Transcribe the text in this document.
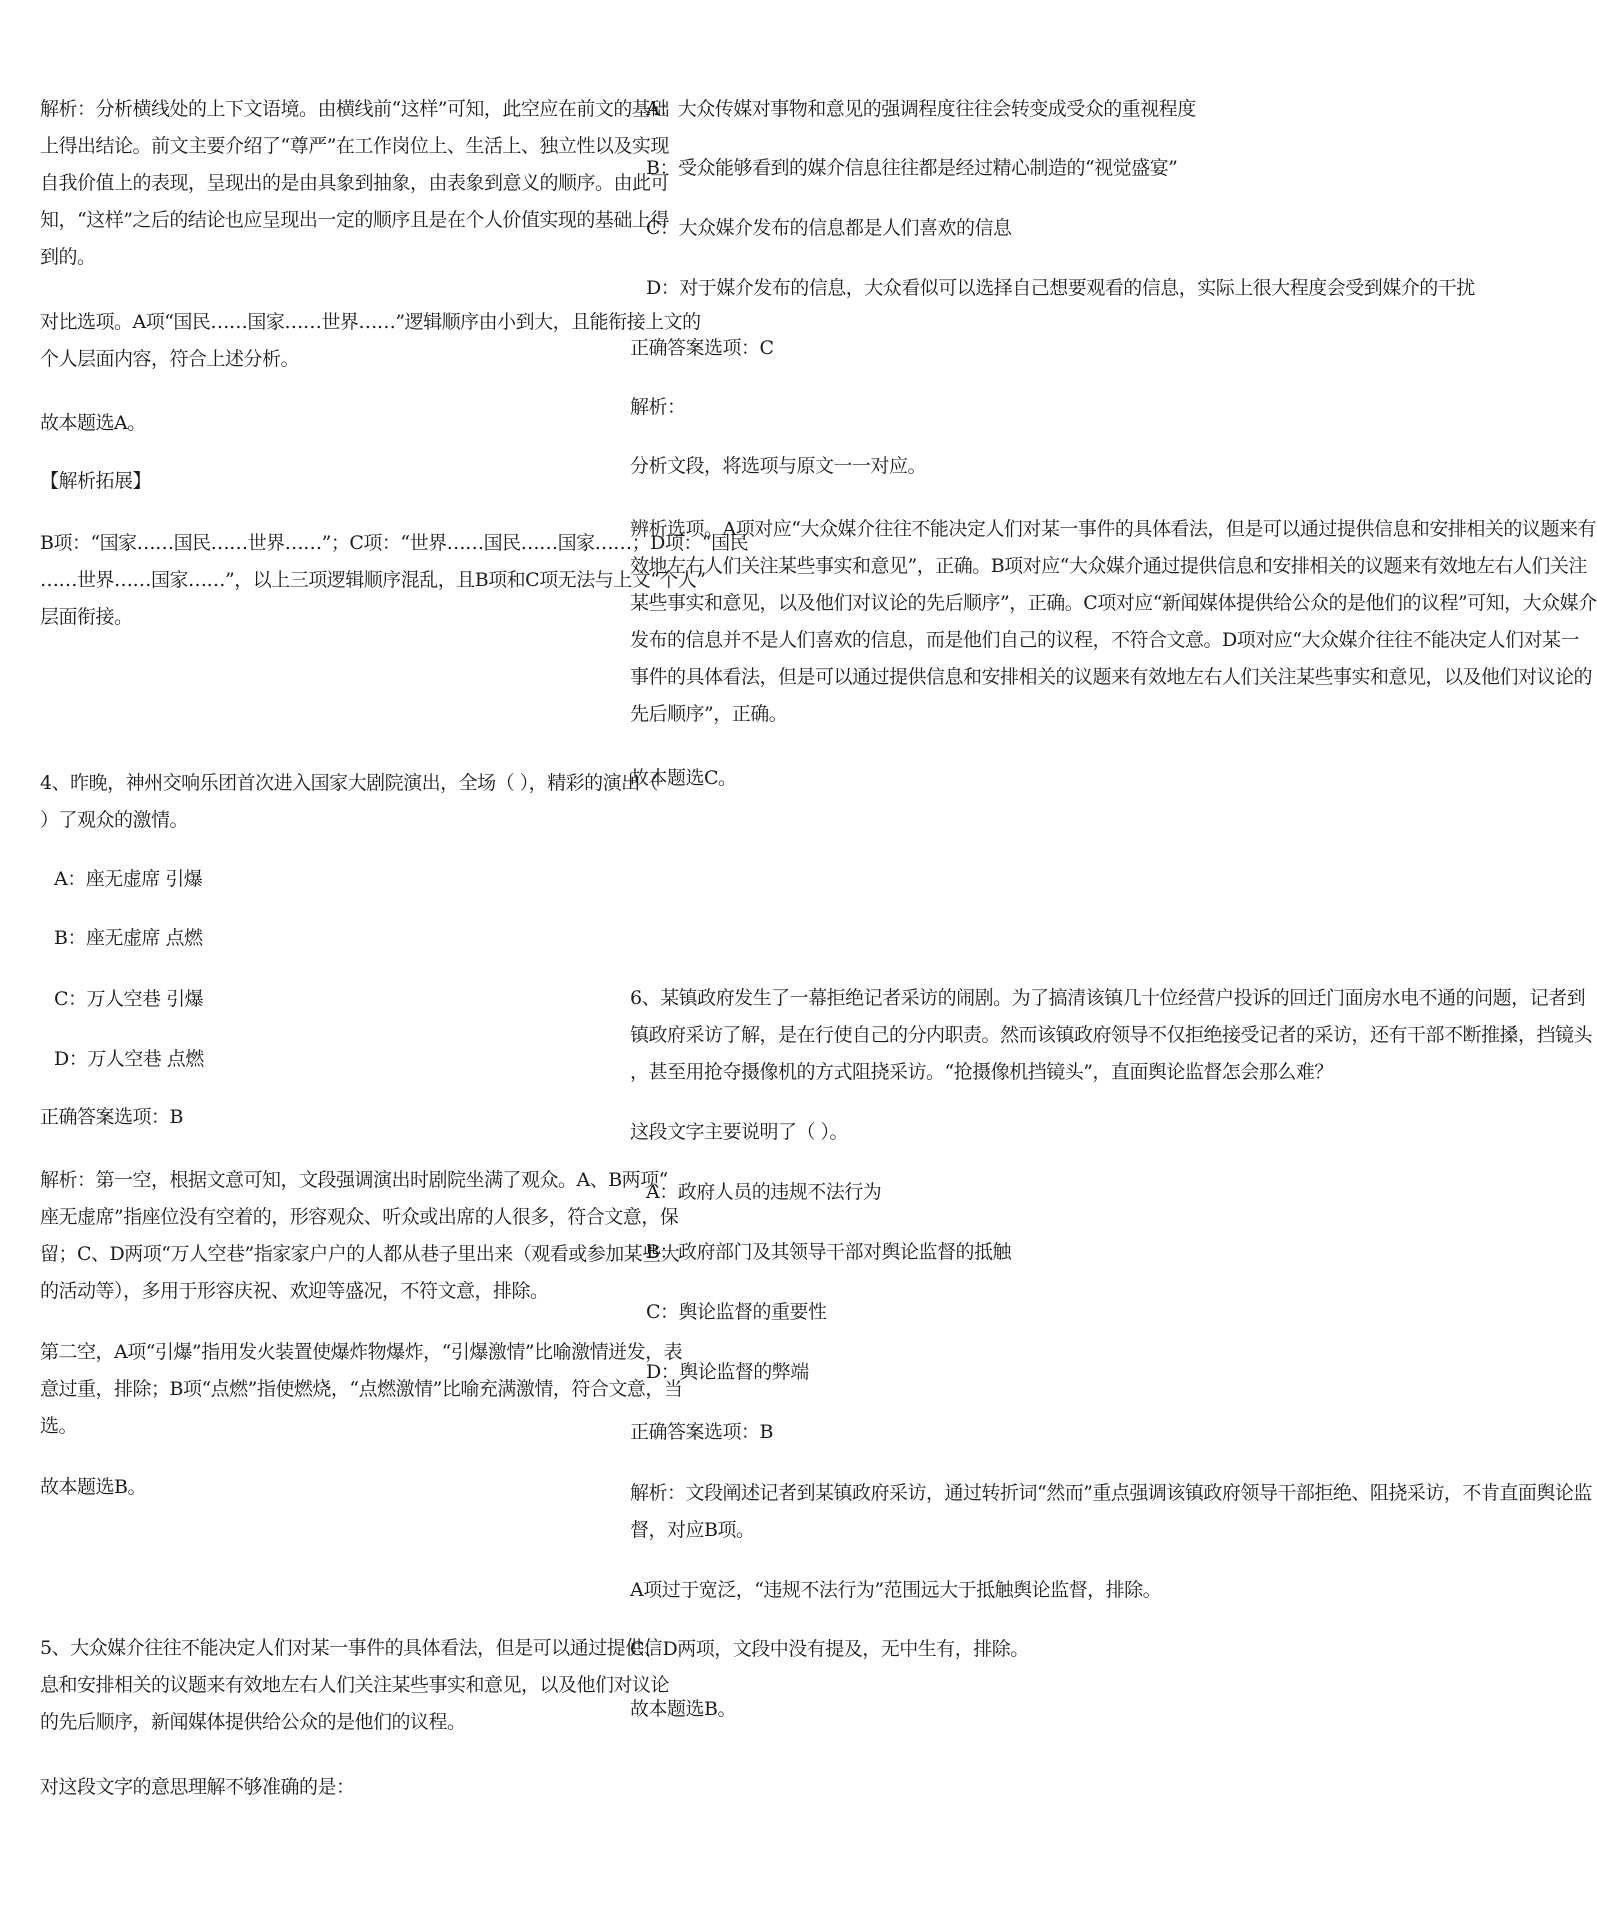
解析：分析横线处的上下文语境。由横线前“这样”可知，此空应在前文的基础
上得出结论。前文主要介绍了“尊严”在工作岗位上、生活上、独立性以及实现
自我价值上的表现，呈现出的是由具象到抽象，由表象到意义的顺序。由此可
知，“这样”之后的结论也应呈现出一定的顺序且是在个人价值实现的基础上得
到的。
对比选项。A项“国民……国家……世界……”逻辑顺序由小到大，且能衔接上文的
个人层面内容，符合上述分析。
故本题选A。
【解析拓展】
B项：“国家……国民……世界……”；C项：“世界……国民……国家……；D项：“国民
……世界……国家……”，以上三项逻辑顺序混乱，且B项和C项无法与上文“个人”
层面衔接。
4、昨晚，神州交响乐团首次进入国家大剧院演出，全场（ ），精彩的演出（
）了观众的激情。
A：座无虚席 引爆
B：座无虚席 点燃
C：万人空巷 引爆
D：万人空巷 点燃
正确答案选项：B
解析：第一空，根据文意可知，文段强调演出时剧院坐满了观众。A、B两项“
座无虚席”指座位没有空着的，形容观众、听众或出席的人很多，符合文意，保
留；C、D两项“万人空巷”指家家户户的人都从巷子里出来（观看或参加某些大
的活动等），多用于形容庆祝、欢迎等盛况，不符文意，排除。
第二空，A项“引爆”指用发火装置使爆炸物爆炸，“引爆激情”比喻激情迸发，表
意过重，排除；B项“点燃”指使燃烧，“点燃激情”比喻充满激情，符合文意，当
选。
故本题选B。
5、大众媒介往往不能决定人们对某一事件的具体看法，但是可以通过提供信
息和安排相关的议题来有效地左右人们关注某些事实和意见，以及他们对议论
的先后顺序，新闻媒体提供给公众的是他们的议程。
对这段文字的意思理解不够准确的是：
A：大众传媒对事物和意见的强调程度往往会转变成受众的重视程度
B：受众能够看到的媒介信息往往都是经过精心制造的“视觉盛宴”
C：大众媒介发布的信息都是人们喜欢的信息
D：对于媒介发布的信息，大众看似可以选择自己想要观看的信息，实际上很大程度会受到媒介的干扰
正确答案选项：C
解析：
分析文段，将选项与原文一一对应。
辨析选项。A项对应“大众媒介往往不能决定人们对某一事件的具体看法，但是可以通过提供信息和安排相关的议题来有
效地左右人们关注某些事实和意见”，正确。B项对应“大众媒介通过提供信息和安排相关的议题来有效地左右人们关注
某些事实和意见，以及他们对议论的先后顺序”，正确。C项对应“新闻媒体提供给公众的是他们的议程”可知，大众媒介
发布的信息并不是人们喜欢的信息，而是他们自己的议程，不符合文意。D项对应“大众媒介往往不能决定人们对某一
事件的具体看法，但是可以通过提供信息和安排相关的议题来有效地左右人们关注某些事实和意见，以及他们对议论的
先后顺序”，正确。
故本题选C。
6、某镇政府发生了一幕拒绝记者采访的闹剧。为了搞清该镇几十位经营户投诉的回迁门面房水电不通的问题，记者到
镇政府采访了解，是在行使自己的分内职责。然而该镇政府领导不仅拒绝接受记者的采访，还有干部不断推搡，挡镜头
，甚至用抢夺摄像机的方式阻挠采访。“抢摄像机挡镜头”，直面舆论监督怎会那么难？
这段文字主要说明了（ ）。
A：政府人员的违规不法行为
B：政府部门及其领导干部对舆论监督的抵触
C：舆论监督的重要性
D：舆论监督的弊端
正确答案选项：B
解析：文段阐述记者到某镇政府采访，通过转折词“然而”重点强调该镇政府领导干部拒绝、阻挠采访，不肯直面舆论监
督，对应B项。
A项过于宽泛，“违规不法行为”范围远大于抵触舆论监督，排除。
C、D两项，文段中没有提及，无中生有，排除。
故本题选B。
